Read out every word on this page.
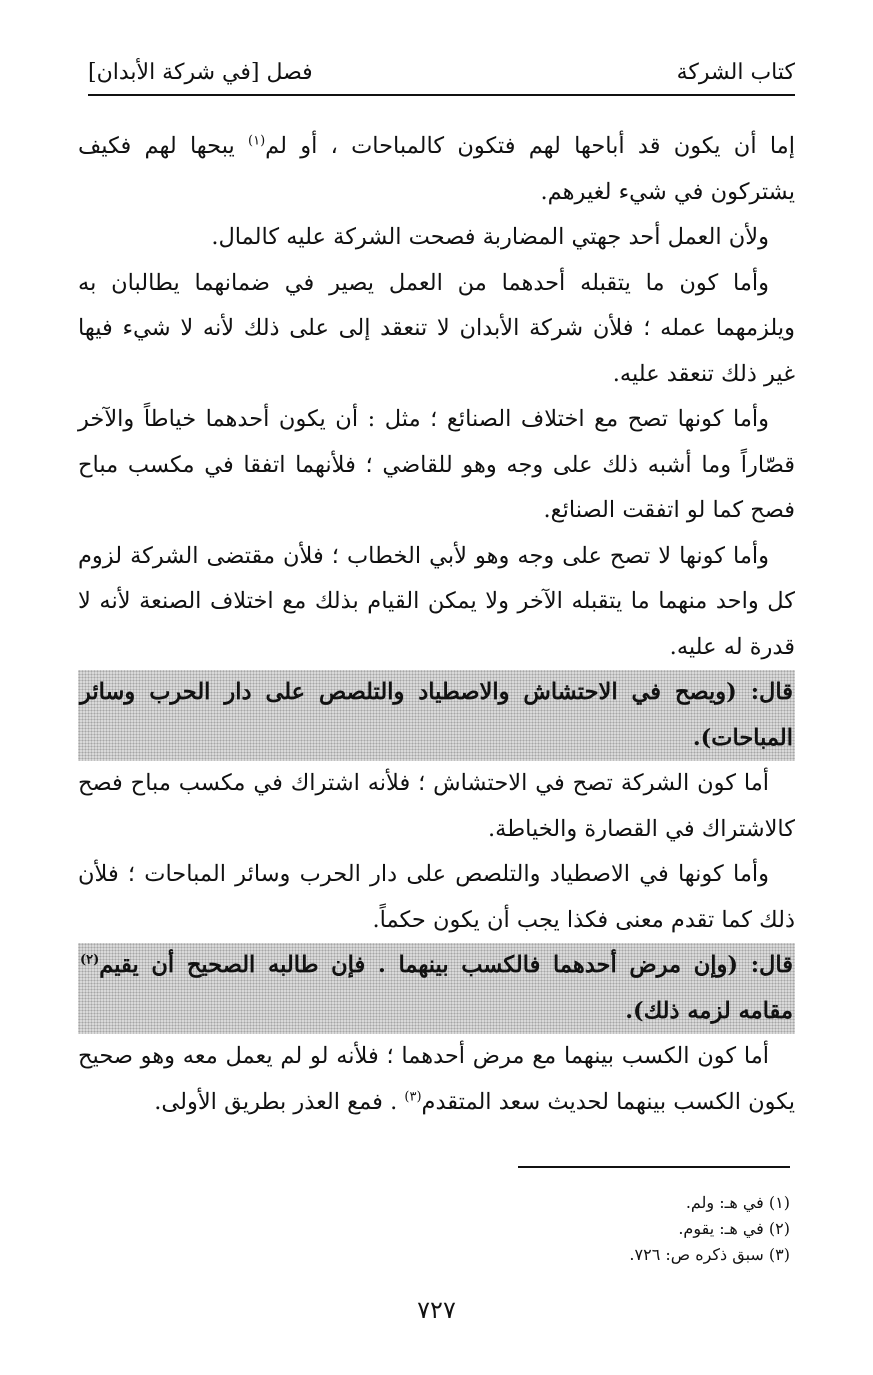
كتاب الشركة
فصل [في شركة الأبدان]

إما أن يكون قد أباحها لهم فتكون كالمباحات ، أو لم$^{(١)}$ يبحها لهم فكيف يشتركون في شيء لغيرهم.

ولأن العمل أحد جهتي المضاربة فصحت الشركة عليه كالمال.

وأما كون ما يتقبله أحدهما من العمل يصير في ضمانهما يطالبان به ويلزمهما عمله ؛ فلأن شركة الأبدان لا تنعقد إلى على ذلك لأنه لا شيء فيها غير ذلك تنعقد عليه.

وأما كونها تصح مع اختلاف الصنائع ؛ مثل : أن يكون أحدهما خياطاً والآخر قصّاراً وما أشبه ذلك على وجه وهو للقاضي ؛ فلأنهما اتفقا في مكسب مباح فصح كما لو اتفقت الصنائع.

وأما كونها لا تصح على وجه وهو لأبي الخطاب ؛ فلأن مقتضى الشركة لزوم كل واحد منهما ما يتقبله الآخر ولا يمكن القيام بذلك مع اختلاف الصنعة لأنه لا قدرة له عليه.

قال: (ويصح في الاحتشاش والاصطياد والتلصص على دار الحرب وسائر المباحات).

أما كون الشركة تصح في الاحتشاش ؛ فلأنه اشتراك في مكسب مباح فصح كالاشتراك في القصارة والخياطة.

وأما كونها في الاصطياد والتلصص على دار الحرب وسائر المباحات ؛ فلأن ذلك كما تقدم معنى فكذا يجب أن يكون حكماً.

قال: (وإن مرض أحدهما فالكسب بينهما . فإن طالبه الصحيح أن يقيم$^{(٢)}$ مقامه لزمه ذلك).

أما كون الكسب بينهما مع مرض أحدهما ؛ فلأنه لو لم يعمل معه وهو صحيح يكون الكسب بينهما لحديث سعد المتقدم$^{(٣)}$ . فمع العذر بطريق الأولى.

(١) في هـ: ولم.

(٢) في هـ: يقوم.

(٣) سبق ذكره ص: ٧٢٦.

٧٢٧
